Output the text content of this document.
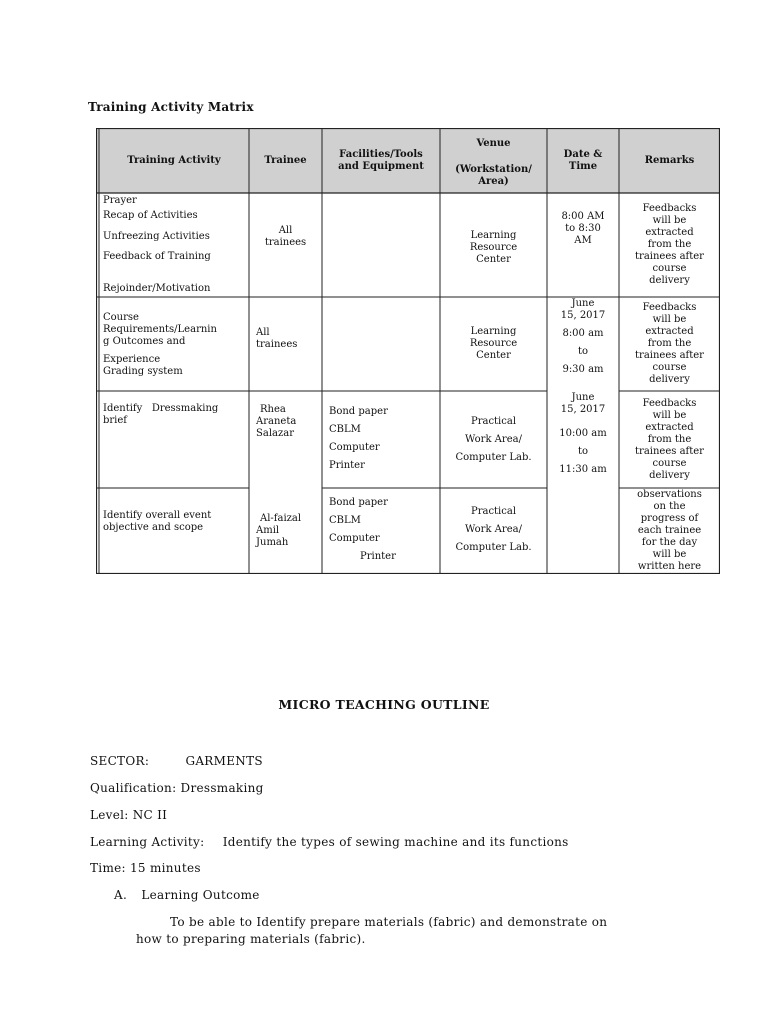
Training Activity Matrix
Training Activity	Trainee
Facilities/Tools
and Equipment
Venue
(Workstation/
Area)
Date &
Time
Remarks
Prayer
Recap of Activities
Unfreezing Activities
Feedback of Training
Rejoinder/Motivation
All
trainees
Learning
Resource
Center
8:00 AM
to 8:30
AM
Feedbacks
will be
extracted
from the
trainees after
course
delivery
Course
Requirements/Learnin
g Outcomes and
Experience
Grading system
All
trainees
Learning
Resource
Center
June
15, 2017
8:00 am
to
9:30 am
Feedbacks
will be
extracted
from the
trainees after
course
delivery
Identify   Dressmaking
brief
Rhea
Araneta
Salazar
Bond paper
CBLM
Computer
Printer
Practical
Work Area/
Computer Lab.
June
15, 2017
10:00 am
to
11:30 am
Feedbacks
will be
extracted
from the
trainees after
course
delivery
Identify overall event
objective and scope
Al-faizal
Amil
Jumah
Bond paper
CBLM
Computer
Printer
Practical
Work Area/
Computer Lab.
observations
on the
progress of
each trainee
for the day
will be
written here
MICRO TEACHING OUTLINE
SECTOR:	GARMENTS
Qualification: Dressmaking
Level: NC II
Learning Activity: Identify the types of sewing machine and its functions
Time: 15 minutes
A. Learning Outcome
To be able to Identify prepare materials (fabric) and demonstrate on
how to preparing materials (fabric).
